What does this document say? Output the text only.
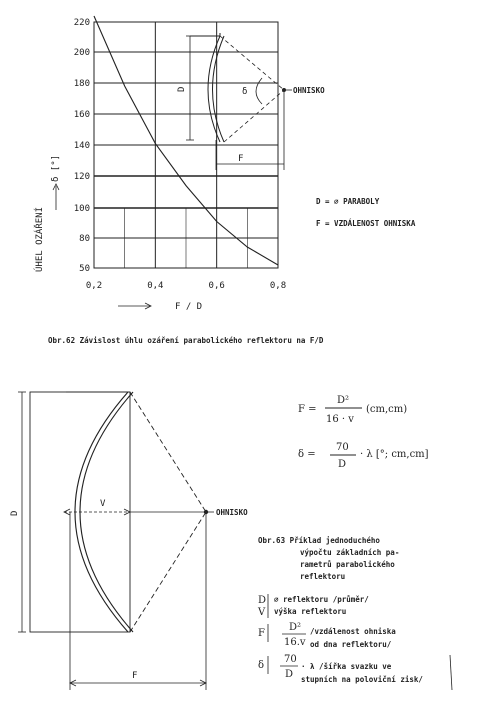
50
80
100
120
140
160
180
200
220
0,2	0,4	0,6	0,8
ÚHEL OZÁŘENÍ
δ [°]
F / D
D	δ	OHNISKO
F
D = ⌀ PARABOLY
F = VZDÁLENOST OHNISKA
Obr.62 Závislost úhlu ozáření parabolického reflektoru na F/D
D
V
OHNISKO
F
F =
D²
16 · v
(cm,cm)
δ =
70
D
· λ [°; cm,cm]
Obr.63 Příklad jednoduchého
výpočtu základních pa-
rametrů parabolického
reflektoru
D ⌀ reflektoru /průměr/
V výška reflektoru
F
D²
16.v
/vzdálenost ohniska
od dna reflektoru/
δ
70
D
· λ /šířka svazku ve
stupních na poloviční zisk/
